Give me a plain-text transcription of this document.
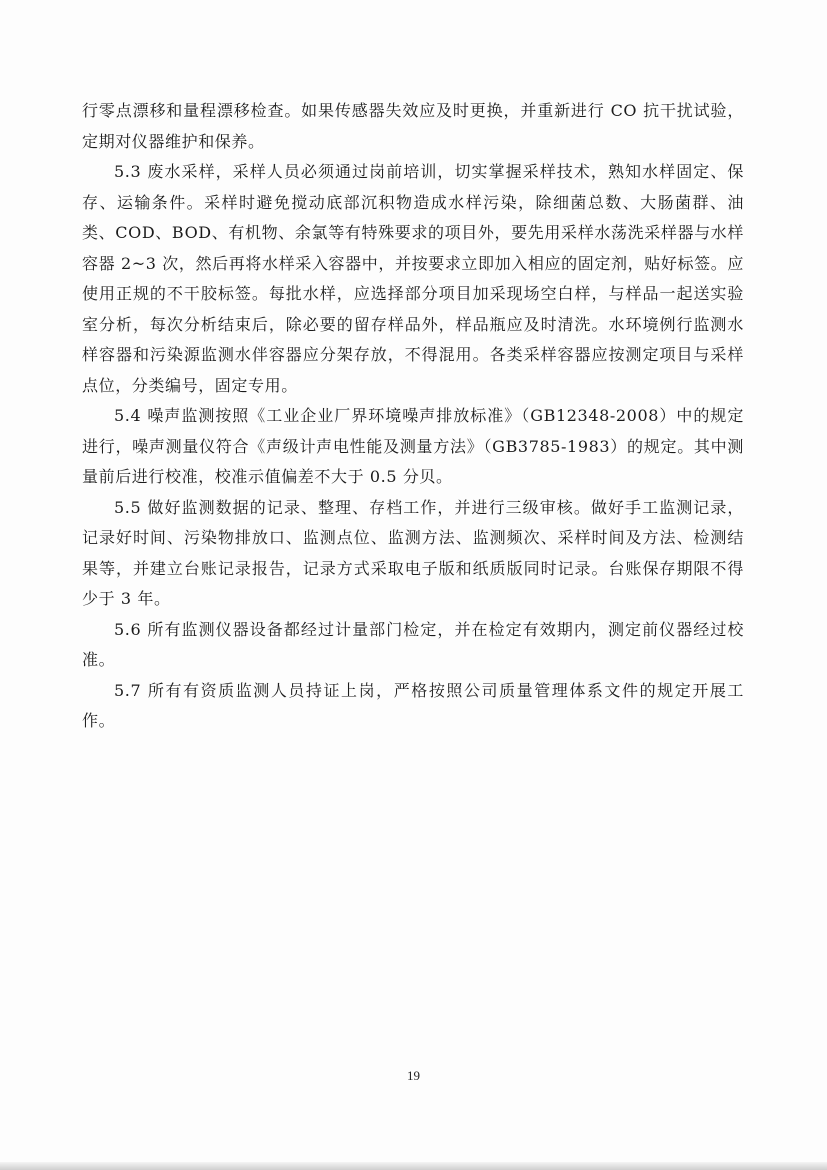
行零点漂移和量程漂移检查。如果传感器失效应及时更换，并重新进行 CO 抗干扰试验，定期对仪器维护和保养。

5.3 废水采样，采样人员必须通过岗前培训，切实掌握采样技术，熟知水样固定、保存、运输条件。采样时避免搅动底部沉积物造成水样污染，除细菌总数、大肠菌群、油类、COD、BOD、有机物、余氯等有特殊要求的项目外，要先用采样水荡洗采样器与水样容器 2~3 次，然后再将水样采入容器中，并按要求立即加入相应的固定剂，贴好标签。应使用正规的不干胶标签。每批水样，应选择部分项目加采现场空白样，与样品一起送实验室分析，每次分析结束后，除必要的留存样品外，样品瓶应及时清洗。水环境例行监测水样容器和污染源监测水伴容器应分架存放，不得混用。各类采样容器应按测定项目与采样点位，分类编号，固定专用。

5.4 噪声监测按照《工业企业厂界环境噪声排放标准》（GB12348-2008）中的规定进行，噪声测量仪符合《声级计声电性能及测量方法》（GB3785-1983）的规定。其中测量前后进行校准，校准示值偏差不大于 0.5 分贝。

5.5 做好监测数据的记录、整理、存档工作，并进行三级审核。做好手工监测记录，记录好时间、污染物排放口、监测点位、监测方法、监测频次、采样时间及方法、检测结果等，并建立台账记录报告，记录方式采取电子版和纸质版同时记录。台账保存期限不得少于 3 年。

5.6 所有监测仪器设备都经过计量部门检定，并在检定有效期内，测定前仪器经过校准。

5.7 所有有资质监测人员持证上岗，严格按照公司质量管理体系文件的规定开展工作。

19
